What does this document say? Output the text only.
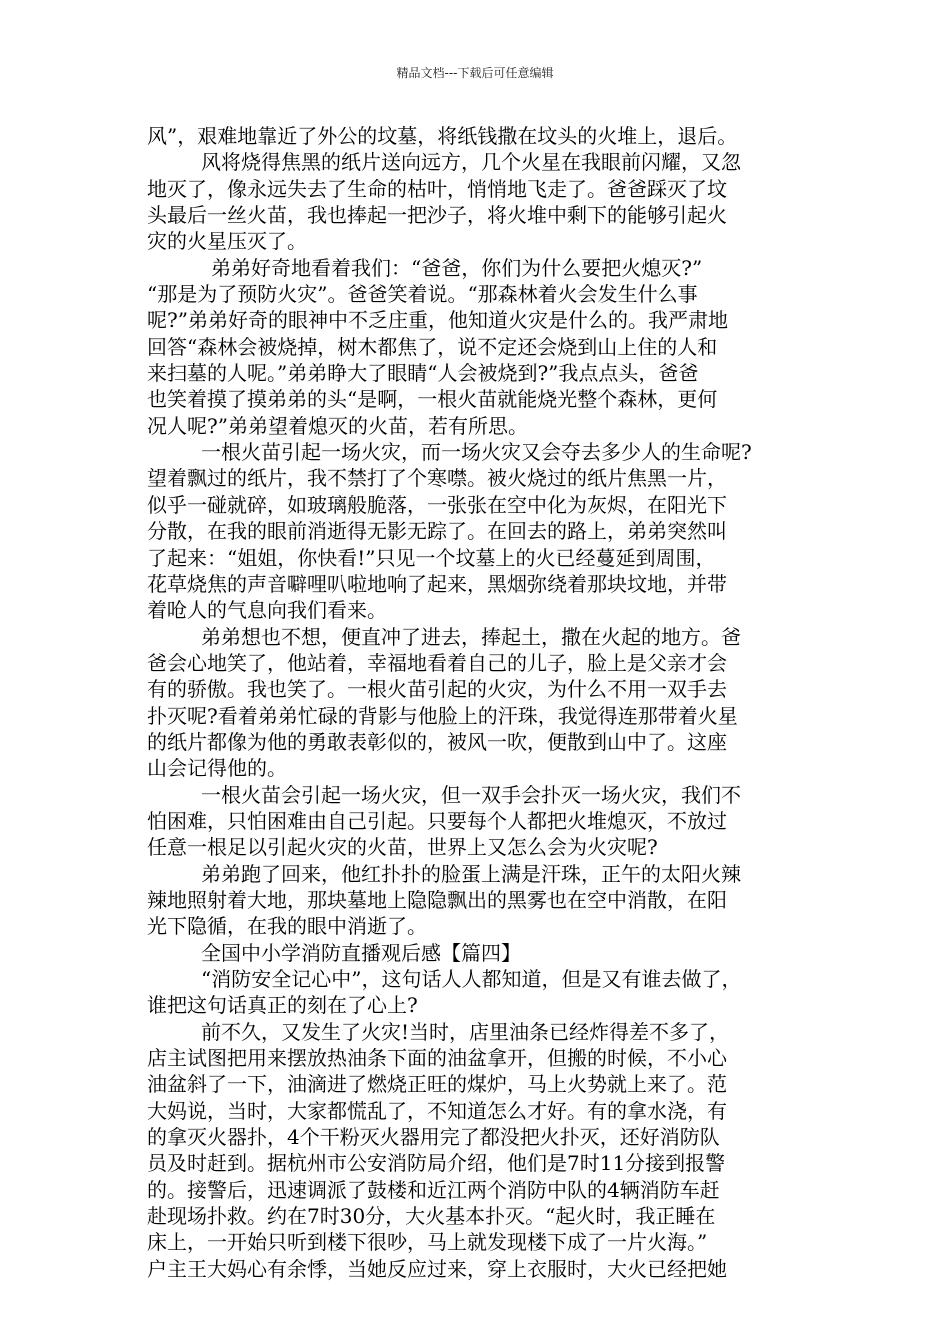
精品文档---下载后可任意编辑
风”，艰难地靠近了外公的坟墓，将纸钱撒在坟头的火堆上，退后。
风将烧得焦黑的纸片送向远方，几个火星在我眼前闪耀，又忽
地灭了，像永远失去了生命的枯叶，悄悄地飞走了。爸爸踩灭了坟
头最后一丝火苗，我也捧起一把沙子，将火堆中剩下的能够引起火
灾的火星压灭了。
弟弟好奇地看着我们：“爸爸，你们为什么要把火熄灭?”
“那是为了预防火灾”。爸爸笑着说。“那森林着火会发生什么事
呢?”弟弟好奇的眼神中不乏庄重，他知道火灾是什么的。我严肃地
回答“森林会被烧掉，树木都焦了，说不定还会烧到山上住的人和
来扫墓的人呢。”弟弟睁大了眼睛“人会被烧到?”我点点头，爸爸
也笑着摸了摸弟弟的头“是啊，一根火苗就能烧光整个森林，更何
况人呢?”弟弟望着熄灭的火苗，若有所思。
一根火苗引起一场火灾，而一场火灾又会夺去多少人的生命呢?
望着飘过的纸片，我不禁打了个寒噤。被火烧过的纸片焦黑一片，
似乎一碰就碎，如玻璃般脆落，一张张在空中化为灰烬，在阳光下
分散，在我的眼前消逝得无影无踪了。在回去的路上，弟弟突然叫
了起来：“姐姐，你快看!”只见一个坟墓上的火已经蔓延到周围，
花草烧焦的声音噼哩叭啦地响了起来，黑烟弥绕着那块坟地，并带
着呛人的气息向我们看来。
弟弟想也不想，便直冲了进去，捧起土，撒在火起的地方。爸
爸会心地笑了，他站着，幸福地看着自己的儿子，脸上是父亲才会
有的骄傲。我也笑了。一根火苗引起的火灾，为什么不用一双手去
扑灭呢?看着弟弟忙碌的背影与他脸上的汗珠，我觉得连那带着火星
的纸片都像为他的勇敢表彰似的，被风一吹，便散到山中了。这座
山会记得他的。
一根火苗会引起一场火灾，但一双手会扑灭一场火灾，我们不
怕困难，只怕困难由自己引起。只要每个人都把火堆熄灭，不放过
任意一根足以引起火灾的火苗，世界上又怎么会为火灾呢?
弟弟跑了回来，他红扑扑的脸蛋上满是汗珠，正午的太阳火辣
辣地照射着大地，那块墓地上隐隐飘出的黑雾也在空中消散，在阳
光下隐循，在我的眼中消逝了。
全国中小学消防直播观后感【篇四】
“消防安全记心中”，这句话人人都知道，但是又有谁去做了，
谁把这句话真正的刻在了心上?
前不久，又发生了火灾!当时，店里油条已经炸得差不多了，
店主试图把用来摆放热油条下面的油盆拿开，但搬的时候，不小心
油盆斜了一下，油滴进了燃烧正旺的煤炉，马上火势就上来了。范
大妈说，当时，大家都慌乱了，不知道怎么才好。有的拿水浇，有
的拿灭火器扑，4个干粉灭火器用完了都没把火扑灭，还好消防队
员及时赶到。据杭州市公安消防局介绍，他们是7时11分接到报警
的。接警后，迅速调派了鼓楼和近江两个消防中队的4辆消防车赶
赴现场扑救。约在7时30分，大火基本扑灭。“起火时，我正睡在
床上，一开始只听到楼下很吵，马上就发现楼下成了一片火海。”
户主王大妈心有余悸，当她反应过来，穿上衣服时，大火已经把她
